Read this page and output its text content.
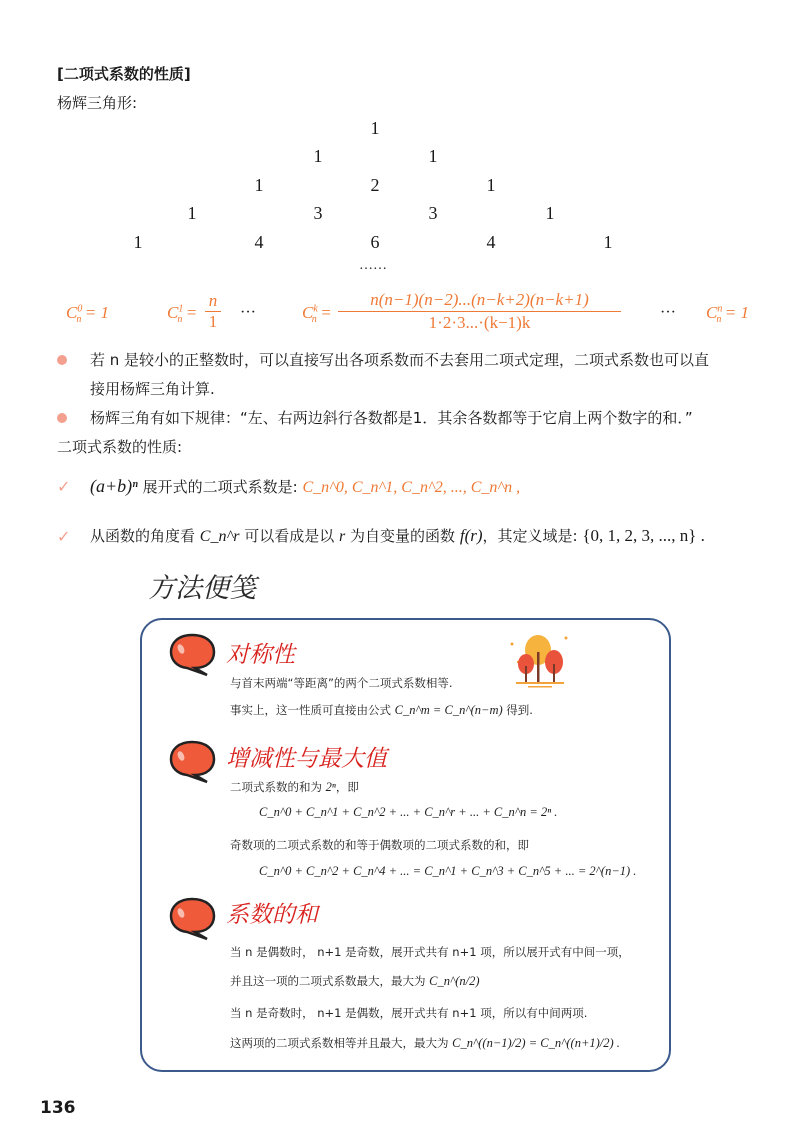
[二项式系数的性质]
杨辉三角形:
1
1	1
1	2	1
1	3	3	1
1	4	6	4	1
……
$C^0_n = 1$	$C^1_n$ =
n
1 ···	$C^k_n = \frac{n(n-1)(n-2)...(n-k+2)(n-k+1)}{1\cdot 2\cdot 3...\cdot(k-1)k}$ ··· $C^n_n = 1$
若 n 是较小的正整数时，可以直接写出各项系数而不去套用二项式定理，二项式系数也可以直
接用杨辉三角计算.
杨辉三角有如下规律：“左、右两边斜行各数都是1．其余各数都等于它肩上两个数字的和．”
二项式系数的性质:
✓ (a+b)ⁿ 展开式的二项式系数是: C_n^0, C_n^1, C_n^2, ..., C_n^n ,
✓ 从函数的角度看 C_n^r 可以看成是以 r 为自变量的函数 f(r)，其定义域是: {0, 1, 2, 3, ..., n} .
方法便笺
对称性
与首末两端“等距离”的两个二项式系数相等.
事实上，这一性质可直接由公式 C_n^m = C_n^(n−m) 得到.
增减性与最大值
二项式系数的和为 2ⁿ，即
C_n^0 + C_n^1 + C_n^2 + ... + C_n^r + ... + C_n^n = 2ⁿ .
奇数项的二项式系数的和等于偶数项的二项式系数的和，即
C_n^0 + C_n^2 + C_n^4 + ... = C_n^1 + C_n^3 + C_n^5 + ... = 2^(n−1) .
系数的和
当 n 是偶数时， n+1 是奇数，展开式共有 n+1 项，所以展开式有中间一项，
并且这一项的二项式系数最大，最大为 C_n^(n/2)
当 n 是奇数时， n+1 是偶数，展开式共有 n+1 项，所以有中间两项.
这两项的二项式系数相等并且最大，最大为 C_n^((n−1)/2) = C_n^((n+1)/2) .
136
